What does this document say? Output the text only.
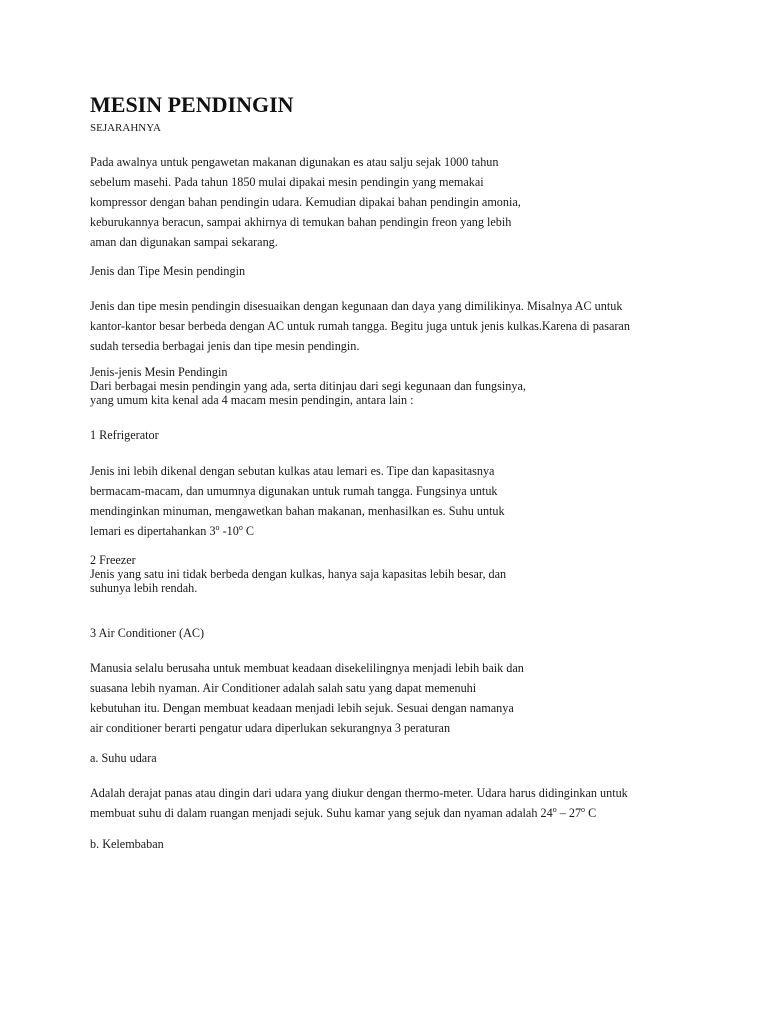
MESIN PENDINGIN
SEJARAHNYA
Pada awalnya untuk pengawetan makanan digunakan es atau salju sejak 1000 tahun
sebelum masehi. Pada tahun 1850 mulai dipakai mesin pendingin yang memakai
kompressor dengan bahan pendingin udara. Kemudian dipakai bahan pendingin amonia,
keburukannya beracun, sampai akhirnya di temukan bahan pendingin freon yang lebih
aman dan digunakan sampai sekarang.
Jenis dan Tipe Mesin pendingin
Jenis dan tipe mesin pendingin disesuaikan dengan kegunaan dan daya yang dimilikinya. Misalnya AC untuk
kantor-kantor besar berbeda dengan AC untuk rumah tangga. Begitu juga untuk jenis kulkas.Karena di pasaran
sudah tersedia berbagai jenis dan tipe mesin pendingin.
Jenis-jenis Mesin Pendingin
Dari berbagai mesin pendingin yang ada, serta ditinjau dari segi kegunaan dan fungsinya,
yang umum kita kenal ada 4 macam mesin pendingin, antara lain :
1 Refrigerator
Jenis ini lebih dikenal dengan sebutan kulkas atau lemari es. Tipe dan kapasitasnya
bermacam-macam, dan umumnya digunakan untuk rumah tangga. Fungsinya untuk
mendinginkan minuman, mengawetkan bahan makanan, menhasilkan es. Suhu untuk
lemari es dipertahankan 3$^o$ -10$^o$ C
2 Freezer
Jenis yang satu ini tidak berbeda dengan kulkas, hanya saja kapasitas lebih besar, dan
suhunya lebih rendah.
3 Air Conditioner (AC)
Manusia selalu berusaha untuk membuat keadaan disekelilingnya menjadi lebih baik dan
suasana lebih nyaman. Air Conditioner adalah salah satu yang dapat memenuhi
kebutuhan itu. Dengan membuat keadaan menjadi lebih sejuk. Sesuai dengan namanya
air conditioner berarti pengatur udara diperlukan sekurangnya 3 peraturan
a. Suhu udara
Adalah derajat panas atau dingin dari udara yang diukur dengan thermo-meter. Udara harus didinginkan untuk
membuat suhu di dalam ruangan menjadi sejuk. Suhu kamar yang sejuk dan nyaman adalah 24$^o$ – 27$^o$ C
b. Kelembaban
